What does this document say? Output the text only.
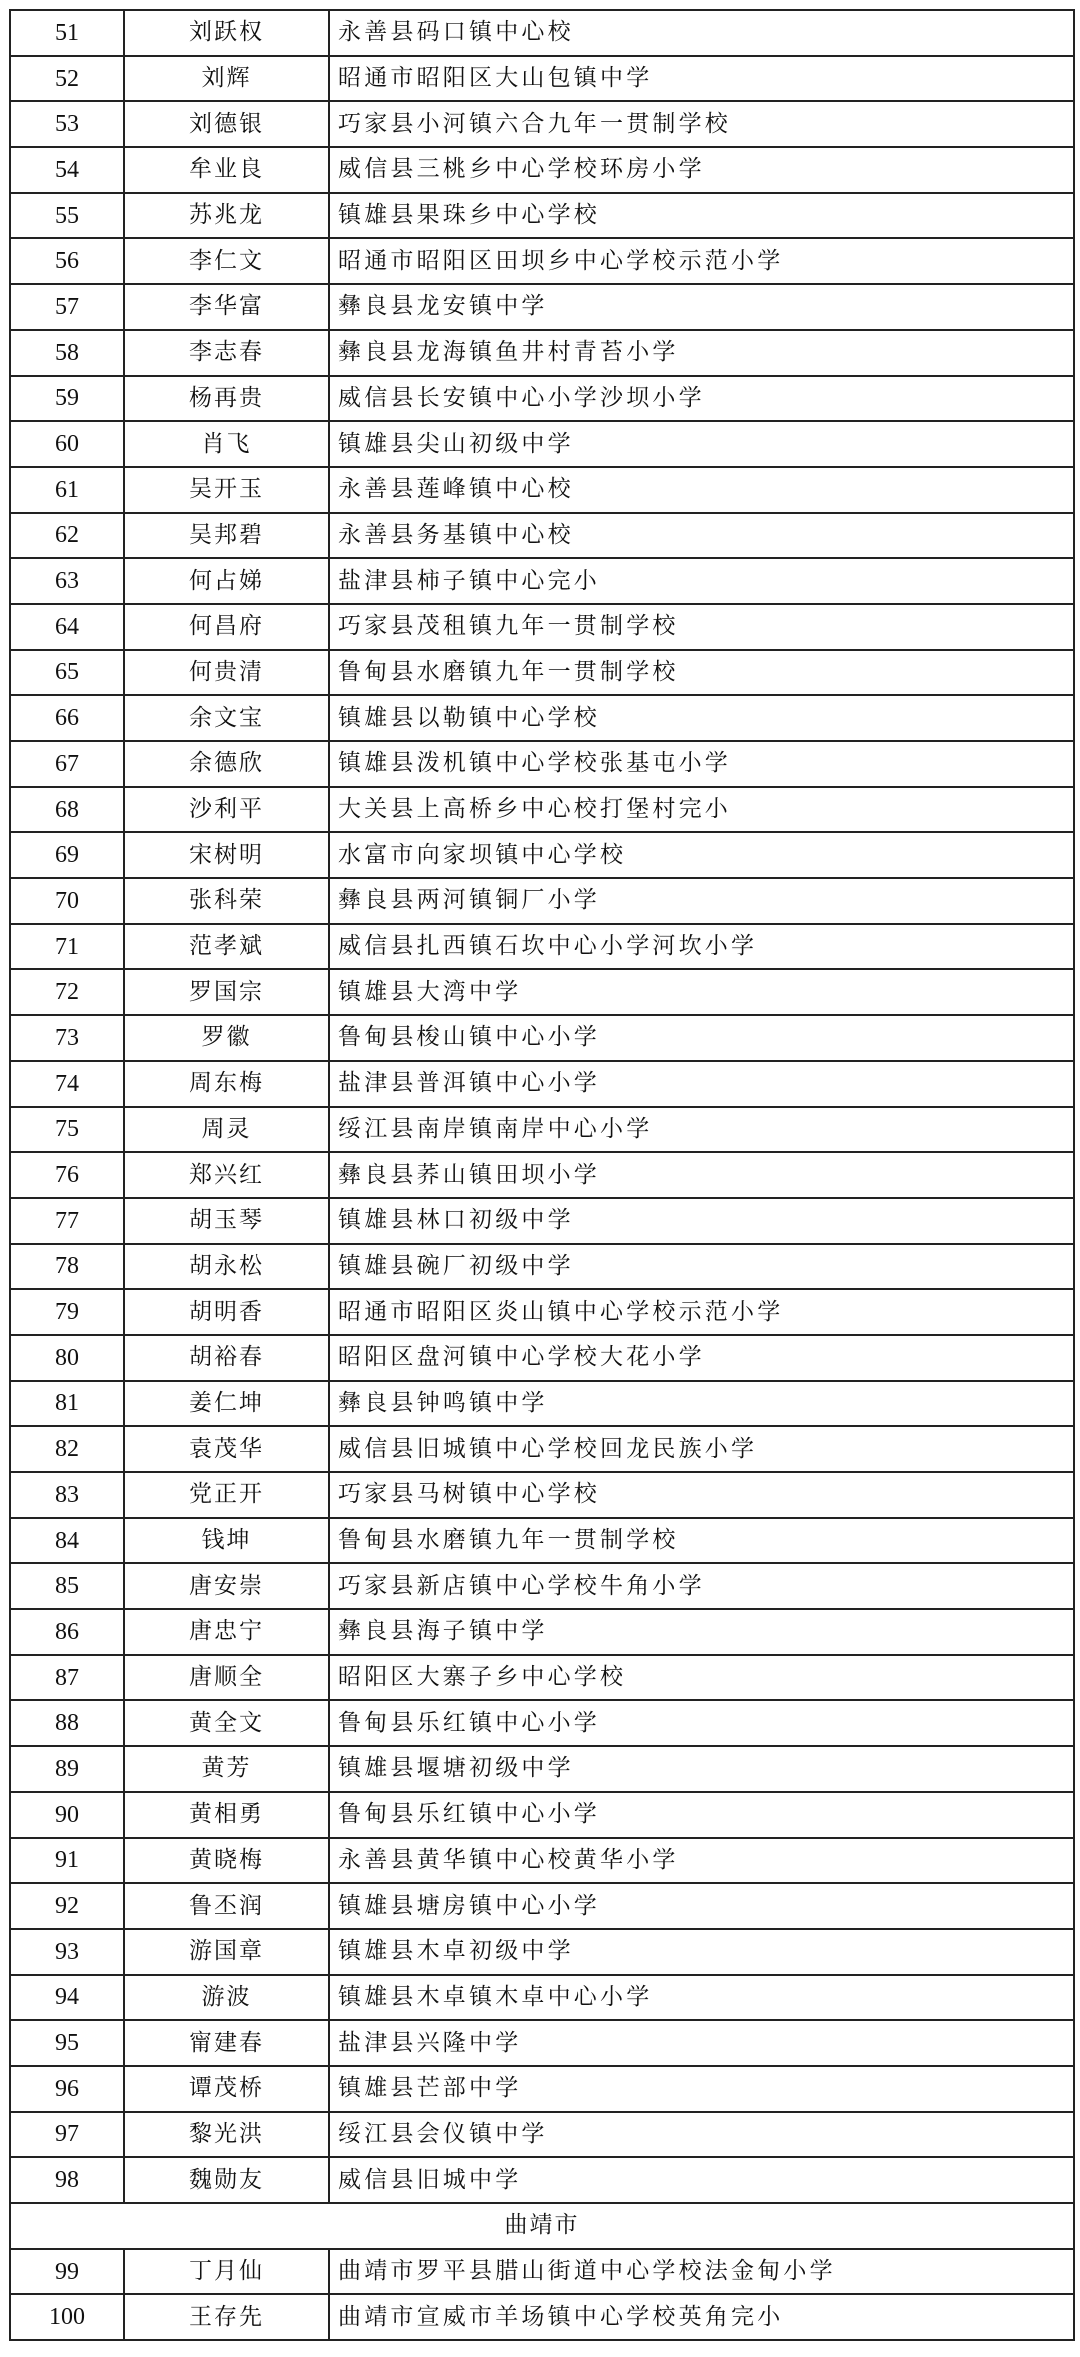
51	刘跃权	永善县码口镇中心校
52	刘辉	昭通市昭阳区大山包镇中学
53	刘德银	巧家县小河镇六合九年一贯制学校
54	牟业良	威信县三桃乡中心学校环房小学
55	苏兆龙	镇雄县果珠乡中心学校
56	李仁文	昭通市昭阳区田坝乡中心学校示范小学
57	李华富	彝良县龙安镇中学
58	李志春	彝良县龙海镇鱼井村青苔小学
59	杨再贵	威信县长安镇中心小学沙坝小学
60	肖飞	镇雄县尖山初级中学
61	吴开玉	永善县莲峰镇中心校
62	吴邦碧	永善县务基镇中心校
63	何占娣	盐津县柿子镇中心完小
64	何昌府	巧家县茂租镇九年一贯制学校
65	何贵清	鲁甸县水磨镇九年一贯制学校
66	余文宝	镇雄县以勒镇中心学校
67	余德欣	镇雄县泼机镇中心学校张基屯小学
68	沙利平	大关县上高桥乡中心校打堡村完小
69	宋树明	水富市向家坝镇中心学校
70	张科荣	彝良县两河镇铜厂小学
71	范孝斌	威信县扎西镇石坎中心小学河坎小学
72	罗国宗	镇雄县大湾中学
73	罗徽	鲁甸县梭山镇中心小学
74	周东梅	盐津县普洱镇中心小学
75	周灵	绥江县南岸镇南岸中心小学
76	郑兴红	彝良县荞山镇田坝小学
77	胡玉琴	镇雄县林口初级中学
78	胡永松	镇雄县碗厂初级中学
79	胡明香	昭通市昭阳区炎山镇中心学校示范小学
80	胡裕春	昭阳区盘河镇中心学校大花小学
81	姜仁坤	彝良县钟鸣镇中学
82	袁茂华	威信县旧城镇中心学校回龙民族小学
83	党正开	巧家县马树镇中心学校
84	钱坤	鲁甸县水磨镇九年一贯制学校
85	唐安崇	巧家县新店镇中心学校牛角小学
86	唐忠宁	彝良县海子镇中学
87	唐顺全	昭阳区大寨子乡中心学校
88	黄全文	鲁甸县乐红镇中心小学
89	黄芳	镇雄县堰塘初级中学
90	黄相勇	鲁甸县乐红镇中心小学
91	黄晓梅	永善县黄华镇中心校黄华小学
92	鲁丕润	镇雄县塘房镇中心小学
93	游国章	镇雄县木卓初级中学
94	游波	镇雄县木卓镇木卓中心小学
95	甯建春	盐津县兴隆中学
96	谭茂桥	镇雄县芒部中学
97	黎光洪	绥江县会仪镇中学
98	魏勋友	威信县旧城中学
曲靖市		
99	丁月仙	曲靖市罗平县腊山街道中心学校法金甸小学
100	王存先	曲靖市宣威市羊场镇中心学校英角完小
